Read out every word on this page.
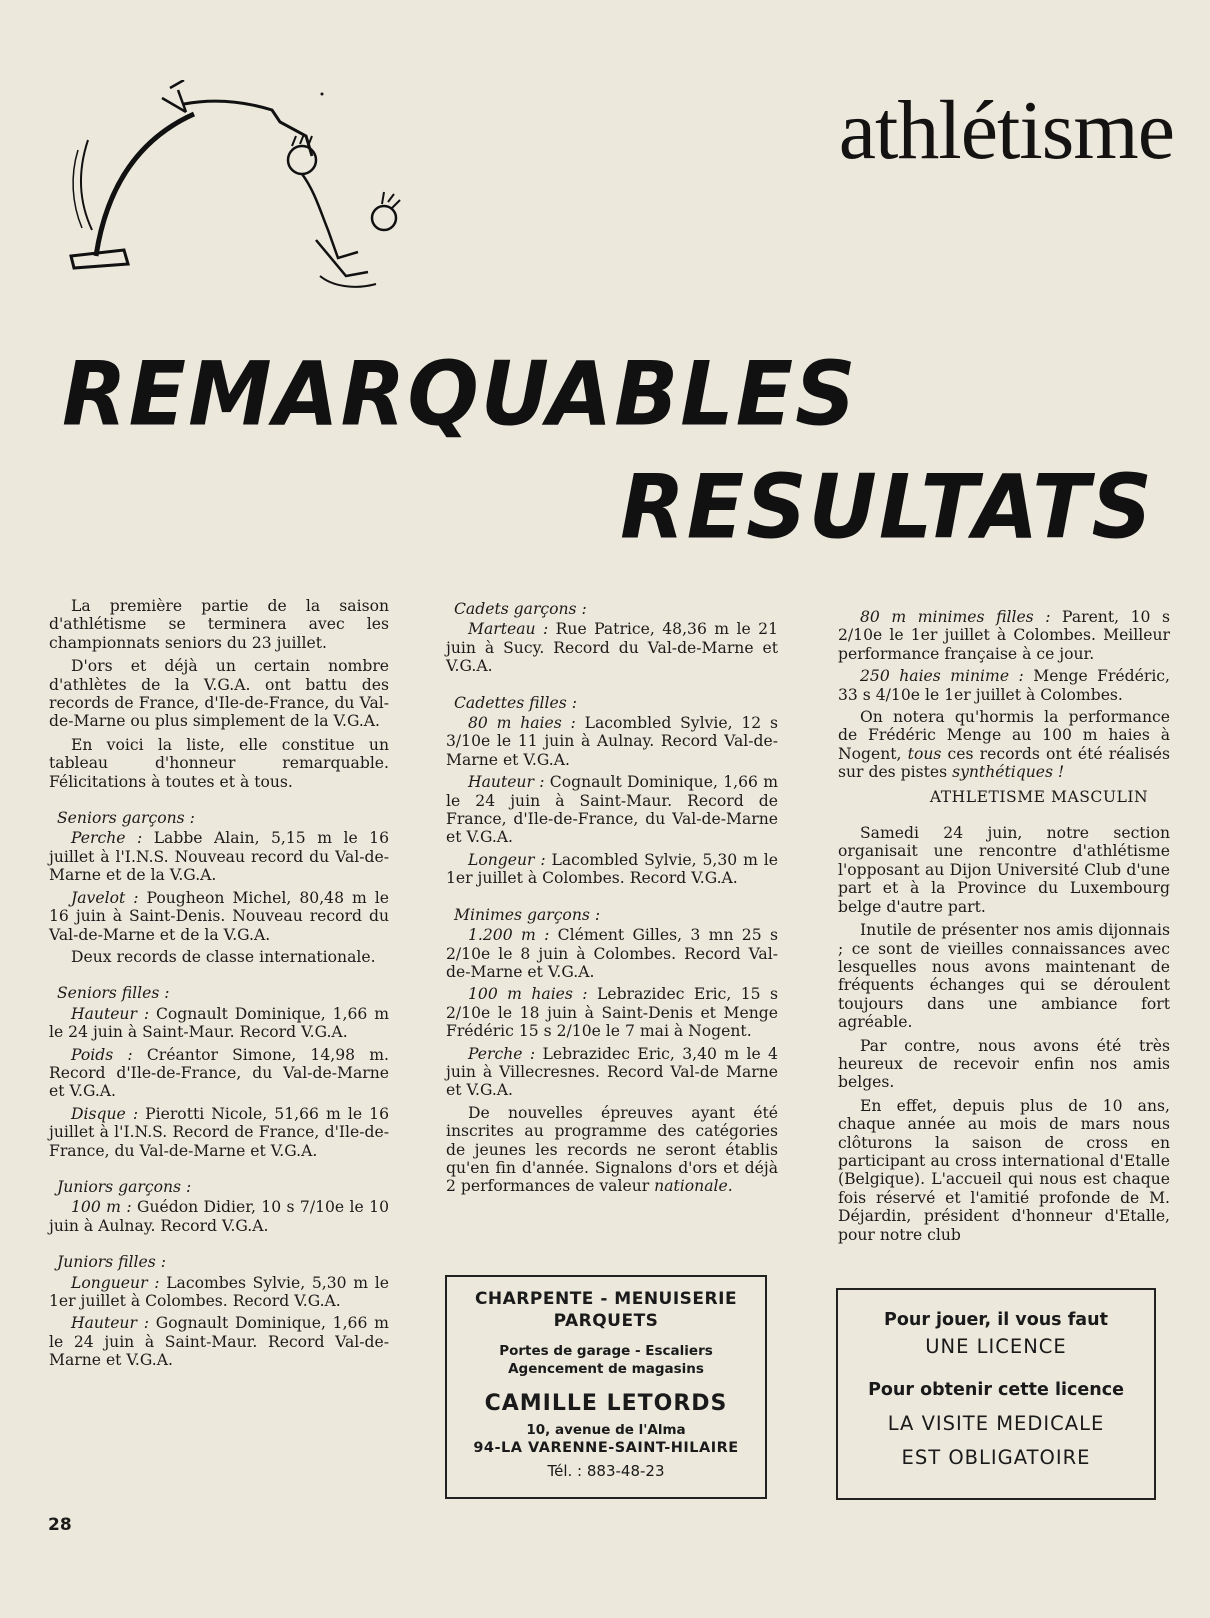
athlétisme
REMARQUABLES
RESULTATS

La première partie de la saison d'athlétisme se terminera avec les championnats seniors du 23 juillet.

D'ors et déjà un certain nombre d'athlètes de la V.G.A. ont battu des records de France, d'Ile-de-France, du Val-de-Marne ou plus simplement de la V.G.A.

En voici la liste, elle constitue un tableau d'honneur remarquable. Félicitations à toutes et à tous.

Seniors garçons :

Perche : Labbe Alain, 5,15 m le 16 juillet à l'I.N.S. Nouveau record du Val-de-Marne et de la V.G.A.

Javelot : Pougheon Michel, 80,48 m le 16 juin à Saint-Denis. Nouveau record du Val-de-Marne et de la V.G.A.

Deux records de classe internationale.

Seniors filles :

Hauteur : Cognault Dominique, 1,66 m le 24 juin à Saint-Maur. Record V.G.A.

Poids : Créantor Simone, 14,98 m. Record d'Ile-de-France, du Val-de-Marne et V.G.A.

Disque : Pierotti Nicole, 51,66 m le 16 juillet à l'I.N.S. Record de France, d'Ile-de-France, du Val-de-Marne et V.G.A.

Juniors garçons :

100 m : Guédon Didier, 10 s 7/10e le 10 juin à Aulnay. Record V.G.A.

Juniors filles :

Longueur : Lacombes Sylvie, 5,30 m le 1er juillet à Colombes. Record V.G.A.

Hauteur : Gognault Dominique, 1,66 m le 24 juin à Saint-Maur. Record Val-de-Marne et V.G.A.

Cadets garçons :

Marteau : Rue Patrice, 48,36 m le 21 juin à Sucy. Record du Val-de-Marne et V.G.A.

Cadettes filles :

80 m haies : Lacombled Sylvie, 12 s 3/10e le 11 juin à Aulnay. Record Val-de-Marne et V.G.A.

Hauteur : Cognault Dominique, 1,66 m le 24 juin à Saint-Maur. Record de France, d'Ile-de-France, du Val-de-Marne et V.G.A.

Longeur : Lacombled Sylvie, 5,30 m le 1er juillet à Colombes. Record V.G.A.

Minimes garçons :

1.200 m : Clément Gilles, 3 mn 25 s 2/10e le 8 juin à Colombes. Record Val-de-Marne et V.G.A.

100 m haies : Lebrazidec Eric, 15 s 2/10e le 18 juin à Saint-Denis et Menge Frédéric 15 s 2/10e le 7 mai à Nogent.

Perche : Lebrazidec Eric, 3,40 m le 4 juin à Villecresnes. Record Val-de Marne et V.G.A.

De nouvelles épreuves ayant été inscrites au programme des catégories de jeunes les records ne seront établis qu'en fin d'année. Signalons d'ors et déjà 2 performances de valeur nationale.

80 m minimes filles : Parent, 10 s 2/10e le 1er juillet à Colombes. Meilleur performance française à ce jour.

250 haies minime : Menge Frédéric, 33 s 4/10e le 1er juillet à Colombes.

On notera qu'hormis la performance de Frédéric Menge au 100 m haies à Nogent, tous ces records ont été réalisés sur des pistes synthétiques !

ATHLETISME MASCULIN

Samedi 24 juin, notre section organisait une rencontre d'athlétisme l'opposant au Dijon Université Club d'une part et à la Province du Luxembourg belge d'autre part.

Inutile de présenter nos amis dijonnais ; ce sont de vieilles connaissances avec lesquelles nous avons maintenant de fréquents échanges qui se déroulent toujours dans une ambiance fort agréable.

Par contre, nous avons été très heureux de recevoir enfin nos amis belges.

En effet, depuis plus de 10 ans, chaque année au mois de mars nous clôturons la saison de cross en participant au cross international d'Etalle (Belgique). L'accueil qui nous est chaque fois réservé et l'amitié profonde de M. Déjardin, président d'honneur d'Etalle, pour notre club

CHARPENTE - MENUISERIE
PARQUETS
Portes de garage - Escaliers
Agencement de magasins
CAMILLE LETORDS
10, avenue de l'Alma
94-LA VARENNE-SAINT-HILAIRE
Tél. : 883-48-23
Pour jouer, il vous faut
UNE LICENCE
Pour obtenir cette licence
LA VISITE MEDICALE
EST OBLIGATOIRE
28
